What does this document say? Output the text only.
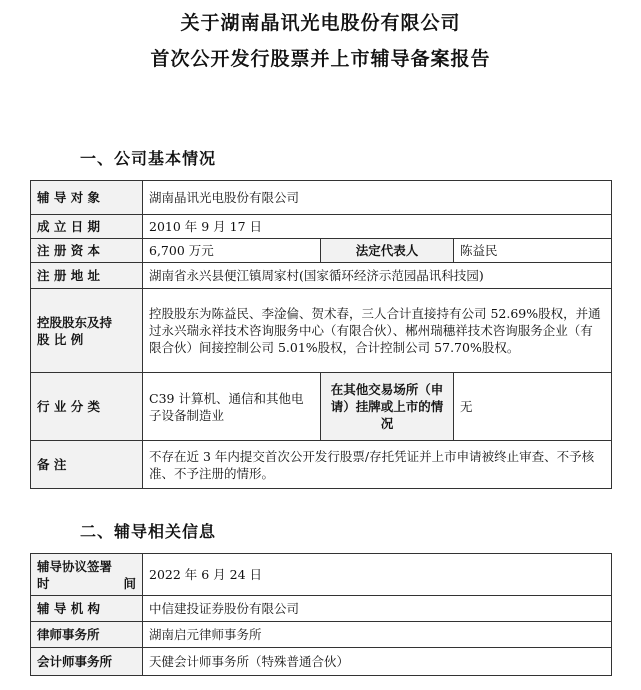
关于湖南晶讯光电股份有限公司
首次公开发行股票并上市辅导备案报告
一、公司基本情况
辅 导 对 象	湖南晶讯光电股份有限公司		
成 立 日 期	2010 年 9 月 17 日		
注 册 资 本	6,700 万元	法定代表人	陈益民
注 册 地 址	湖南省永兴县便江镇周家村(国家循环经济示范园晶讯科技园)		

控股股东及持
股 比 例	控股股东为陈益民、李淦倫、贺术春，三人合计直接持有公司 52.69%股权，并通过永兴瑞永祥技术咨询服务中心（有限合伙）、郴州瑞穗祥技术咨询服务企业（有限合伙）间接控制公司 5.01%股权，合计控制公司 57.70%股权。		
行 业 分 类	C39 计算机、通信和其他电子设备制造业	在其他交易场所（申请）挂牌或上市的情况	无
备 注	不存在近 3 年内提交首次公开发行股票/存托凭证并上市申请被终止审查、不予核准、不予注册的情形。		
二、辅导相关信息
辅导协议签署
时 间	2022 年 6 月 24 日
辅 导 机 构	中信建投证券股份有限公司
律师事务所	湖南启元律师事务所
会计师事务所	天健会计师事务所（特殊普通合伙）
